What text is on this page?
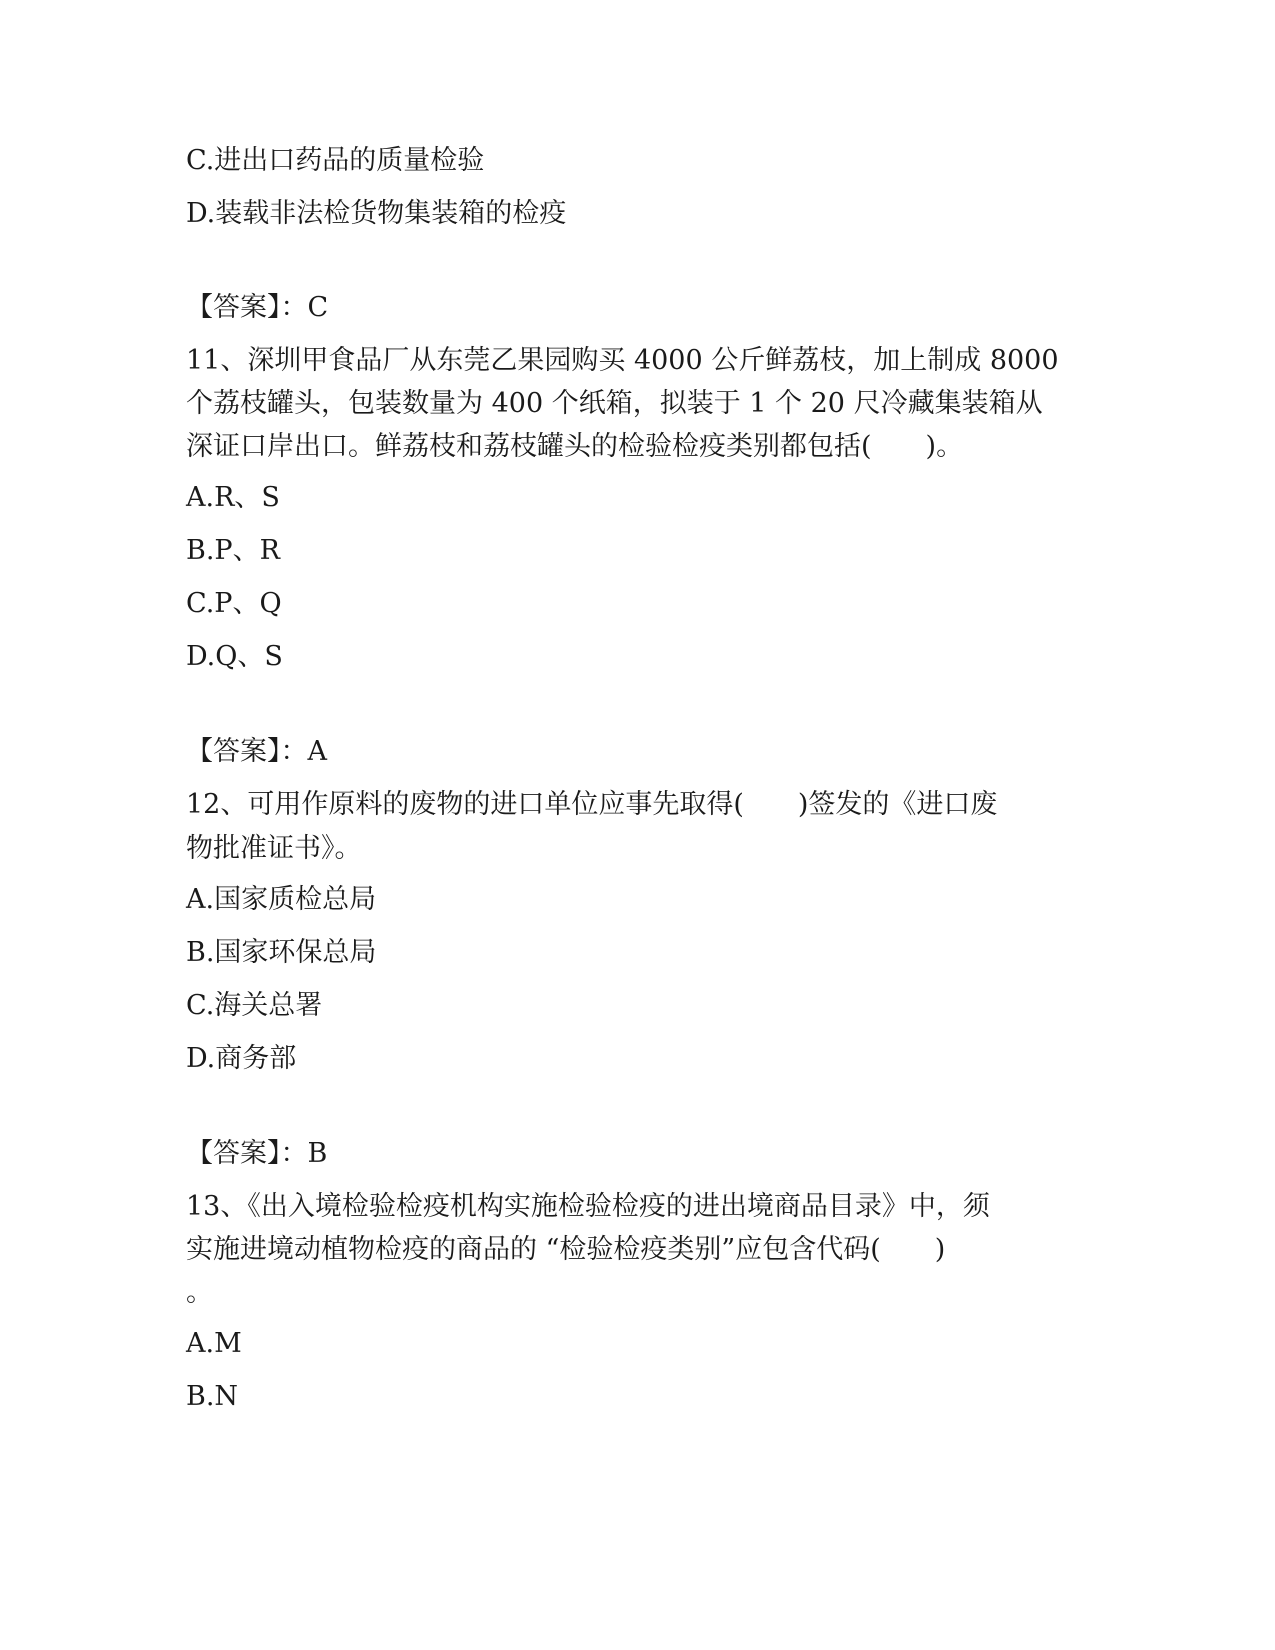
C.进出口药品的质量检验
D.装载非法检货物集装箱的检疫
【答案】：C
11、深圳甲食品厂从东莞乙果园购买 4000 公斤鲜荔枝，加上制成 8000
个荔枝罐头，包装数量为 400 个纸箱，拟装于 1 个 20 尺冷藏集装箱从
深证口岸出口。鲜荔枝和荔枝罐头的检验检疫类别都包括(　　)。
A.R、S
B.P、R
C.P、Q
D.Q、S
【答案】：A
12、可用作原料的废物的进口单位应事先取得(　　)签发的《进口废
物批准证书》。
A.国家质检总局
B.国家环保总局
C.海关总署
D.商务部
【答案】：B
13、《出入境检验检疫机构实施检验检疫的进出境商品目录》中，须
实施进境动植物检疫的商品的 “检验检疫类别”应包含代码(　　)
。
A.M
B.N
